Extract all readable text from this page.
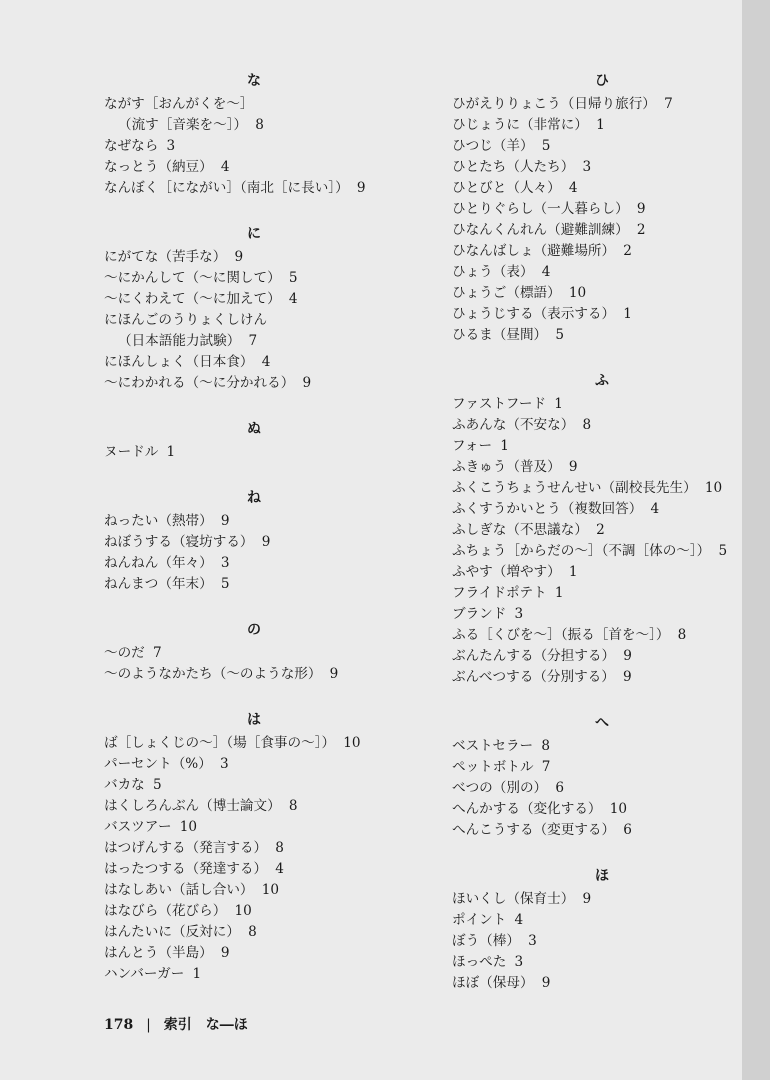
な
ながす［おんがくを〜］
（流す［音楽を〜］） 8
なぜなら 3
なっとう（納豆） 4
なんぼく［にながい］（南北［に長い］） 9
に
にがてな（苦手な） 9
〜にかんして（〜に関して） 5
〜にくわえて（〜に加えて） 4
にほんごのうりょくしけん
（日本語能力試験） 7
にほんしょく（日本食） 4
〜にわかれる（〜に分かれる） 9
ぬ
ヌードル 1
ね
ねったい（熱帯） 9
ねぼうする（寝坊する） 9
ねんねん（年々） 3
ねんまつ（年末） 5
の
〜のだ 7
〜のようなかたち（〜のような形） 9
は
ば［しょくじの〜］（場［食事の〜］） 10
パーセント（%） 3
バカな 5
はくしろんぶん（博士論文） 8
バスツアー 10
はつげんする（発言する） 8
はったつする（発達する） 4
はなしあい（話し合い） 10
はなびら（花びら） 10
はんたいに（反対に） 8
はんとう（半島） 9
ハンバーガー 1
ひ
ひがえりりょこう（日帰り旅行） 7
ひじょうに（非常に） 1
ひつじ（羊） 5
ひとたち（人たち） 3
ひとびと（人々） 4
ひとりぐらし（一人暮らし） 9
ひなんくんれん（避難訓練） 2
ひなんばしょ（避難場所） 2
ひょう（表） 4
ひょうご（標語） 10
ひょうじする（表示する） 1
ひるま（昼間） 5
ふ
ファストフード 1
ふあんな（不安な） 8
フォー 1
ふきゅう（普及） 9
ふくこうちょうせんせい（副校長先生） 10
ふくすうかいとう（複数回答） 4
ふしぎな（不思議な） 2
ふちょう［からだの〜］（不調［体の〜］） 5
ふやす（増やす） 1
フライドポテト 1
ブランド 3
ふる［くびを〜］（振る［首を〜］） 8
ぶんたんする（分担する） 9
ぶんべつする（分別する） 9
へ
ベストセラー 8
ペットボトル 7
べつの（別の） 6
へんかする（変化する） 10
へんこうする（変更する） 6
ほ
ほいくし（保育士） 9
ポイント 4
ぼう（棒） 3
ほっぺた 3
ほぼ（保母） 9
178 | 索引　な―ほ
